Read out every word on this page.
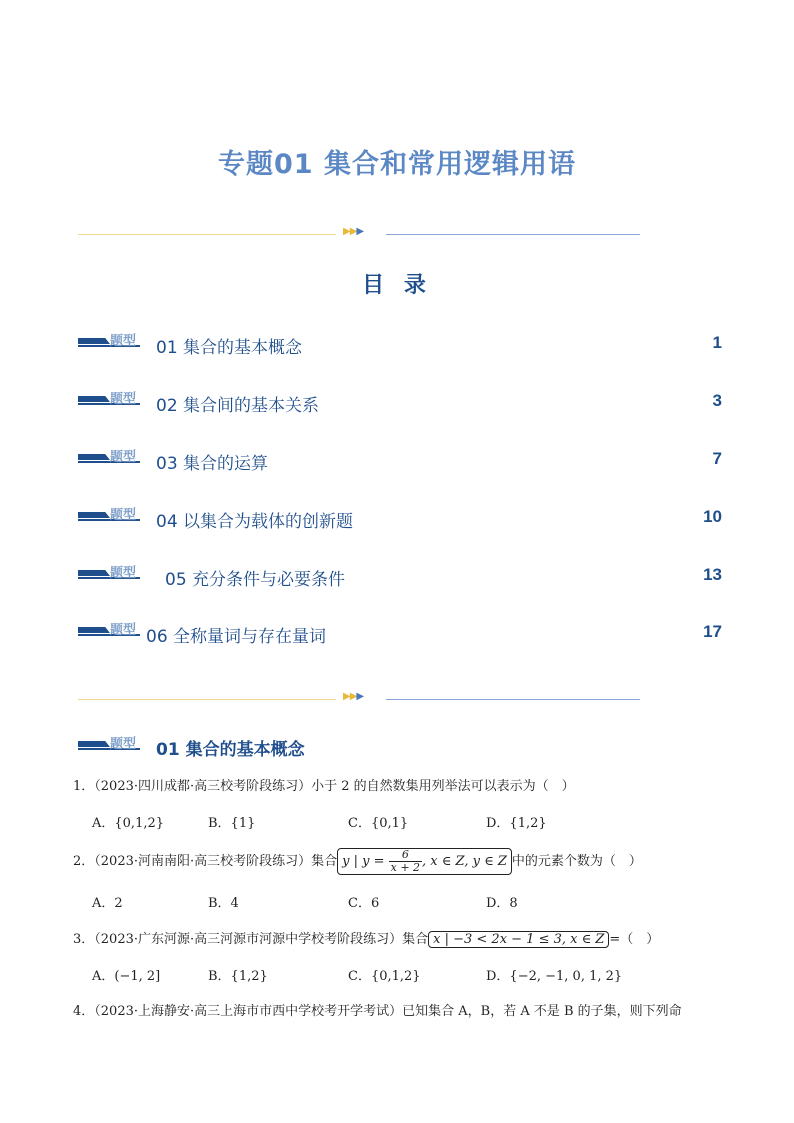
专题01 集合和常用逻辑用语
▶▶▶
目 录
题型 01 集合的基本概念	1
题型 02 集合间的基本关系	3
题型 03 集合的运算	7
题型 04 以集合为载体的创新题	10
题型 05 充分条件与必要条件	13
题型 06 全称量词与存在量词	17
▶▶▶
题型 01 集合的基本概念
1．（2023·四川成都·高三校考阶段练习）小于 2 的自然数集用列举法可以表示为（　）
A．{0,1,2}	B．{1}	C．{0,1}	D．{1,2}
2．（2023·河南南阳·高三校考阶段练习）集合 y | $y = \frac{6}{x + 2}$ , x ∈ Z, y ∈ Z 中的元素个数为（　）
A．2	B．4	C．6	D．8
3．（2023·广东河源·高三河源市河源中学校考阶段练习）集合 x | −3 < 2x − 1 ≤ 3, x ∈ Z =（　）
A．(−1, 2]	B．{1,2}	C．{0,1,2}	D．{−2, −1, 0, 1, 2}
4．（2023·上海静安·高三上海市市西中学校考开学考试）已知集合 A，B，若 A 不是 B 的子集，则下列命
